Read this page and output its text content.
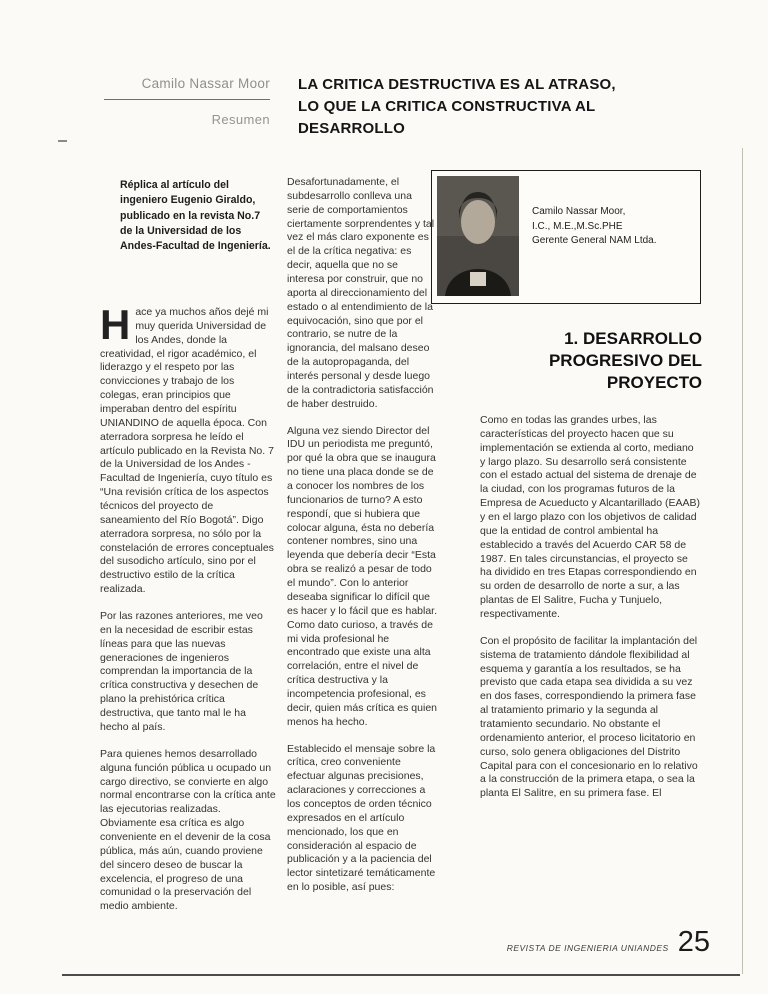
Camilo Nassar Moor
Resumen
LA CRITICA DESTRUCTIVA ES AL ATRASO, LO QUE LA CRITICA CONSTRUCTIVA AL DESARROLLO
Réplica al artículo del ingeniero Eugenio Giraldo, publicado en la revista No.7 de la Universidad de los Andes-Facultad de Ingeniería.
Camilo Nassar Moor,
I.C., M.E.,M.Sc.PHE
Gerente General NAM Ltda.

Hace ya muchos años dejé mi muy querida Universidad de los Andes, donde la creatividad, el rigor académico, el liderazgo y el respeto por las convicciones y trabajo de los colegas, eran principios que imperaban dentro del espíritu UNIANDINO de aquella época. Con aterradora sorpresa he leído el artículo publicado en la Revista No. 7 de la Universidad de los Andes - Facultad de Ingeniería, cuyo título es “Una revisión crítica de los aspectos técnicos del proyecto de saneamiento del Río Bogotá”. Digo aterradora sorpresa, no sólo por la constelación de errores conceptuales del susodicho artículo, sino por el destructivo estilo de la crítica realizada.

Por las razones anteriores, me veo en la necesidad de escribir estas líneas para que las nuevas generaciones de ingenieros comprendan la importancia de la crítica constructiva y desechen de plano la prehistórica crítica destructiva, que tanto mal le ha hecho al país.

Para quienes hemos desarrollado alguna función pública u ocupado un cargo directivo, se convierte en algo normal encontrarse con la crítica ante las ejecutorias realizadas. Obviamente esa crítica es algo conveniente en el devenir de la cosa pública, más aún, cuando proviene del sincero deseo de buscar la excelencia, el progreso de una comunidad o la preservación del medio ambiente.

Desafortunadamente, el subdesarrollo conlleva una serie de comportamientos ciertamente sorprendentes y tal vez el más claro exponente es el de la crítica negativa: es decir, aquella que no se interesa por construir, que no aporta al direccionamiento del estado o al entendimiento de la equivocación, sino que por el contrario, se nutre de la ignorancia, del malsano deseo de la autopropaganda, del interés personal y desde luego de la contradictoria satisfacción de haber destruido.

Alguna vez siendo Director del IDU un periodista me preguntó, por qué la obra que se inaugura no tiene una placa donde se de a conocer los nombres de los funcionarios de turno? A esto respondí, que si hubiera que colocar alguna, ésta no debería contener nombres, sino una leyenda que debería decir “Esta obra se realizó a pesar de todo el mundo”. Con lo anterior deseaba significar lo difícil que es hacer y lo fácil que es hablar. Como dato curioso, a través de mi vida profesional he encontrado que existe una alta correlación, entre el nivel de crítica destructiva y la incompetencia profesional, es decir, quien más crítica es quien menos ha hecho.

Establecido el mensaje sobre la crítica, creo conveniente efectuar algunas precisiones, aclaraciones y correcciones a los conceptos de orden técnico expresados en el artículo mencionado, los que en consideración al espacio de publicación y a la paciencia del lector sintetizaré temáticamente en lo posible, así pues:

1. DESARROLLO PROGRESIVO DEL PROYECTO

Como en todas las grandes urbes, las características del proyecto hacen que su implementación se extienda al corto, mediano y largo plazo. Su desarrollo será consistente con el estado actual del sistema de drenaje de la ciudad, con los programas futuros de la Empresa de Acueducto y Alcantarillado (EAAB) y en el largo plazo con los objetivos de calidad que la entidad de control ambiental ha establecido a través del Acuerdo CAR 58 de 1987. En tales circunstancias, el proyecto se ha dividido en tres Etapas correspondiendo en su orden de desarrollo de norte a sur, a las plantas de El Salitre, Fucha y Tunjuelo, respectivamente.

Con el propósito de facilitar la implantación del sistema de tratamiento dándole flexibilidad al esquema y garantía a los resultados, se ha previsto que cada etapa sea dividida a su vez en dos fases, correspondiendo la primera fase al tratamiento primario y la segunda al tratamiento secundario. No obstante el ordenamiento anterior, el proceso licitatorio en curso, solo genera obligaciones del Distrito Capital para con el concesionario en lo relativo a la construcción de la primera etapa, o sea la planta El Salitre, en su primera fase. El

REVISTA DE INGENIERIA UNIANDES 25
